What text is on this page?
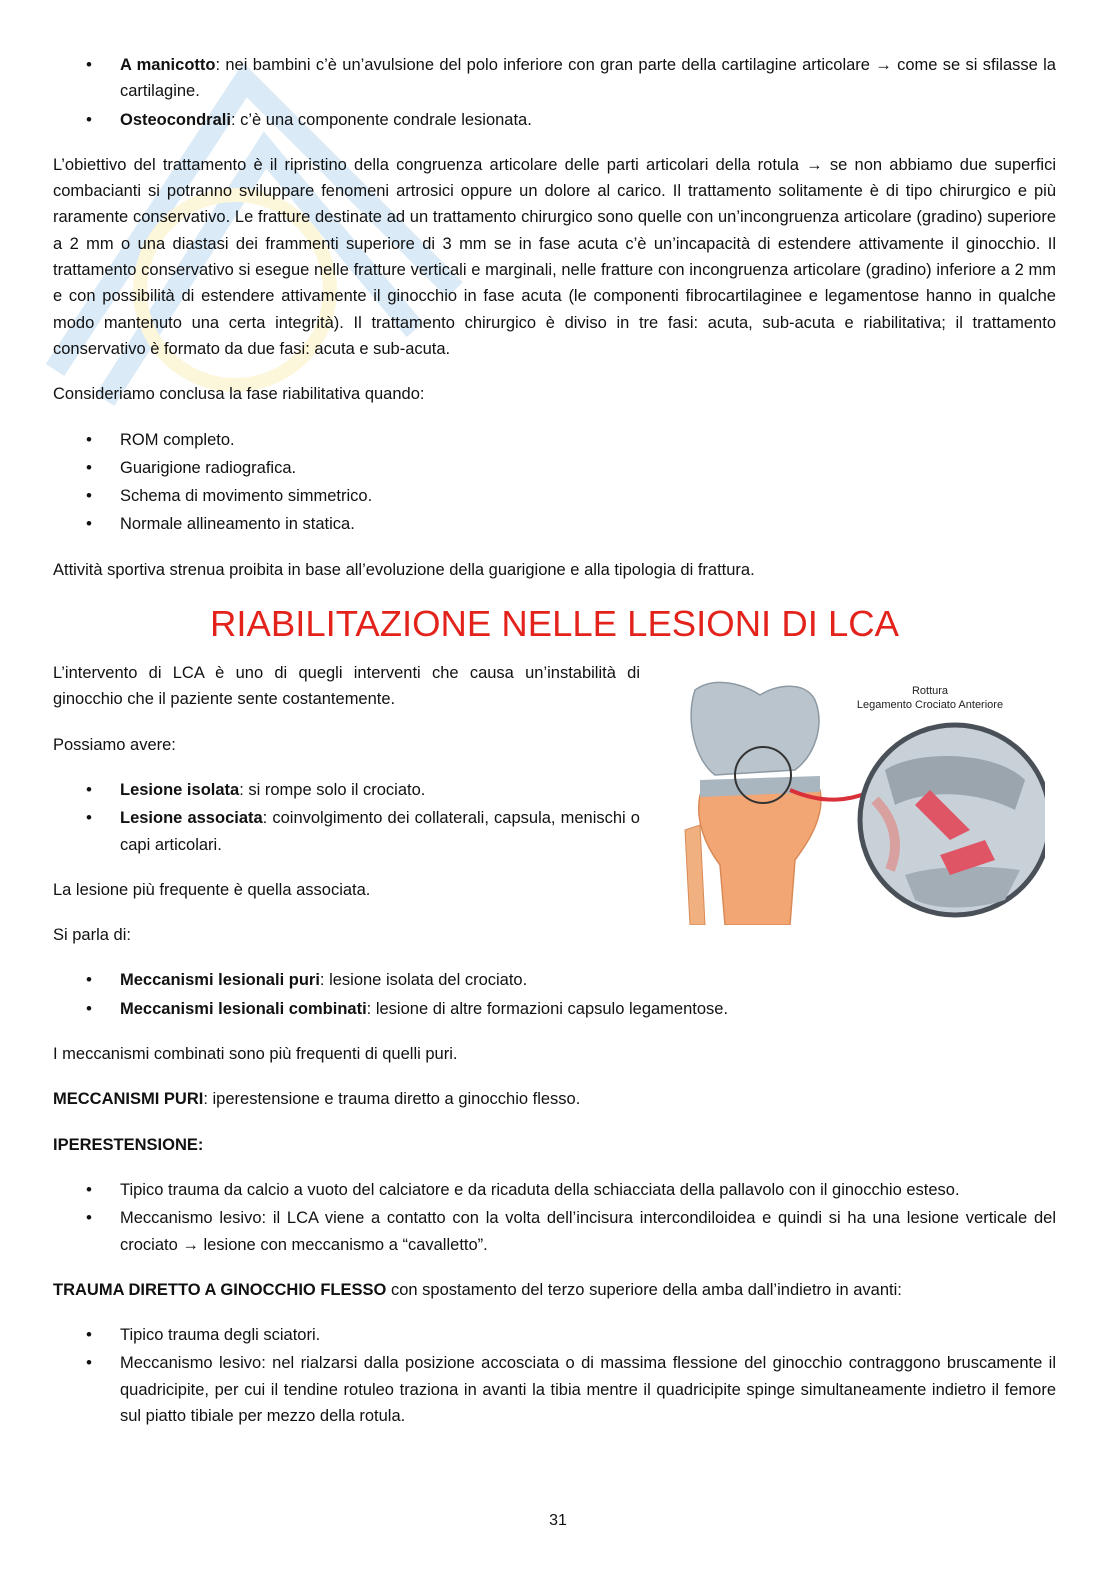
• A manicotto: nei bambini c’è un’avulsione del polo inferiore con gran parte della cartilagine articolare → come se si sfilasse la cartilagine.
• Osteocondrali: c’è una componente condrale lesionata.

L’obiettivo del trattamento è il ripristino della congruenza articolare delle parti articolari della rotula → se non abbiamo due superfici combacianti si potranno sviluppare fenomeni artrosici oppure un dolore al carico. Il trattamento solitamente è di tipo chirurgico e più raramente conservativo. Le fratture destinate ad un trattamento chirurgico sono quelle con un’incongruenza articolare (gradino) superiore a 2 mm o una diastasi dei frammenti superiore di 3 mm se in fase acuta c’è un’incapacità di estendere attivamente il ginocchio. Il trattamento conservativo si esegue nelle fratture verticali e marginali, nelle fratture con incongruenza articolare (gradino) inferiore a 2 mm e con possibilità di estendere attivamente il ginocchio in fase acuta (le componenti fibrocartilaginee e legamentose hanno in qualche modo mantenuto una certa integrità). Il trattamento chirurgico è diviso in tre fasi: acuta, sub-acuta e riabilitativa; il trattamento conservativo è formato da due fasi: acuta e sub-acuta.

Consideriamo conclusa la fase riabilitativa quando:

• ROM completo.
• Guarigione radiografica.
• Schema di movimento simmetrico.
• Normale allineamento in statica.

Attività sportiva strenua proibita in base all’evoluzione della guarigione e alla tipologia di frattura.

RIABILITAZIONE NELLE LESIONI DI LCA

L’intervento di LCA è uno di quegli interventi che causa un’instabilità di ginocchio che il paziente sente costantemente.

Possiamo avere:

• Lesione isolata: si rompe solo il crociato.
• Lesione associata: coinvolgimento dei collaterali, capsula, menischi o capi articolari.

La lesione più frequente è quella associata.

Si parla di:

Rottura
Legamento Crociato Anteriore
• Meccanismi lesionali puri: lesione isolata del crociato.
• Meccanismi lesionali combinati: lesione di altre formazioni capsulo legamentose.

I meccanismi combinati sono più frequenti di quelli puri.

MECCANISMI PURI: iperestensione e trauma diretto a ginocchio flesso.

IPERESTENSIONE:

• Tipico trauma da calcio a vuoto del calciatore e da ricaduta della schiacciata della pallavolo con il ginocchio esteso.
• Meccanismo lesivo: il LCA viene a contatto con la volta dell’incisura intercondiloidea e quindi si ha una lesione verticale del crociato → lesione con meccanismo a “cavalletto”.

TRAUMA DIRETTO A GINOCCHIO FLESSO con spostamento del terzo superiore della amba dall’indietro in avanti:

• Tipico trauma degli sciatori.
• Meccanismo lesivo: nel rialzarsi dalla posizione accosciata o di massima flessione del ginocchio contraggono bruscamente il quadricipite, per cui il tendine rotuleo traziona in avanti la tibia mentre il quadricipite spinge simultaneamente indietro il femore sul piatto tibiale per mezzo della rotula.
31
